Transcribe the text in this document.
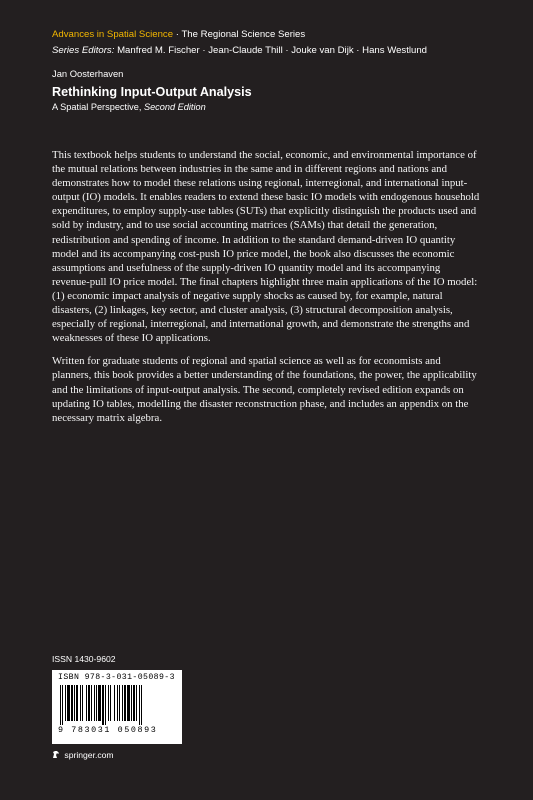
Advances in Spatial Science · The Regional Science Series
Series Editors: Manfred M. Fischer · Jean-Claude Thill · Jouke van Dijk · Hans Westlund
Jan Oosterhaven
Rethinking Input-Output Analysis
A Spatial Perspective, Second Edition

This textbook helps students to understand the social, economic, and environmental importance of the mutual relations between industries in the same and in different regions and nations and demonstrates how to model these relations using regional, interregional, and international input-output (IO) models. It enables readers to extend these basic IO models with endogenous household expenditures, to employ supply-use tables (SUTs) that explicitly distinguish the products used and sold by industry, and to use social accounting matrices (SAMs) that detail the generation, redistribution and spending of income. In addition to the standard demand-driven IO quantity model and its accompanying cost-push IO price model, the book also discusses the economic assumptions and usefulness of the supply-driven IO quantity model and its accompanying revenue-pull IO price model. The final chapters highlight three main applications of the IO model: (1) economic impact analysis of negative supply shocks as caused by, for example, natural disasters, (2) linkages, key sector, and cluster analysis, (3) structural decomposition analysis, especially of regional, interregional, and international growth, and demonstrate the strengths and weaknesses of these IO applications.

Written for graduate students of regional and spatial science as well as for economists and planners, this book provides a better understanding of the foundations, the power, the applicability and the limitations of input-output analysis. The second, completely revised edition expands on updating IO tables, modelling the disaster reconstruction phase, and includes an appendix on the necessary matrix algebra.

ISSN 1430-9602
ISBN 978-3-031-05089-3
9 783031 050893
springer.com
